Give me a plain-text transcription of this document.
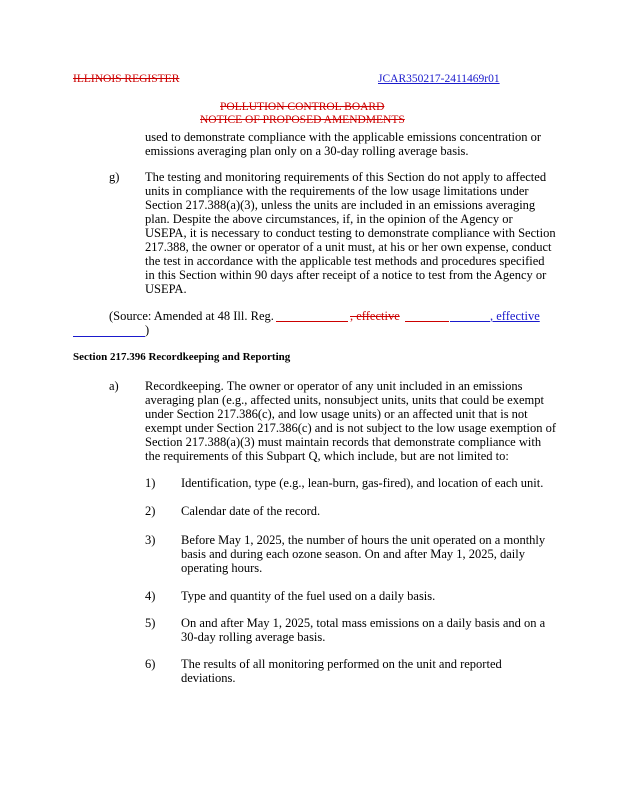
ILLINOIS REGISTER	JCAR350217-2411469r01
POLLUTION CONTROL BOARD
NOTICE OF PROPOSED AMENDMENTS
used to demonstrate compliance with the applicable emissions concentration or
emissions averaging plan only on a 30-day rolling average basis.
g) The testing and monitoring requirements of this Section do not apply to affected
units in compliance with the requirements of the low usage limitations under
Section 217.388(a)(3), unless the units are included in an emissions averaging
plan. Despite the above circumstances, if, in the opinion of the Agency or
USEPA, it is necessary to conduct testing to demonstrate compliance with Section
217.388, the owner or operator of a unit must, at his or her own expense, conduct
the test in accordance with the applicable test methods and procedures specified
in this Section within 90 days after receipt of a notice to test from the Agency or
USEPA.
(Source: Amended at 48 Ill. Reg.	, effective	, effective
)
Section 217.396 Recordkeeping and Reporting
a) Recordkeeping. The owner or operator of any unit included in an emissions
averaging plan (e.g., affected units, nonsubject units, units that could be exempt
under Section 217.386(c), and low usage units) or an affected unit that is not
exempt under Section 217.386(c) and is not subject to the low usage exemption of
Section 217.388(a)(3) must maintain records that demonstrate compliance with
the requirements of this Subpart Q, which include, but are not limited to:
1) Identification, type (e.g., lean-burn, gas-fired), and location of each unit.
2) Calendar date of the record.
3) Before May 1, 2025, the number of hours the unit operated on a monthly
basis and during each ozone season. On and after May 1, 2025, daily
operating hours.
4) Type and quantity of the fuel used on a daily basis.
5) On and after May 1, 2025, total mass emissions on a daily basis and on a
30-day rolling average basis.
6) The results of all monitoring performed on the unit and reported
deviations.
